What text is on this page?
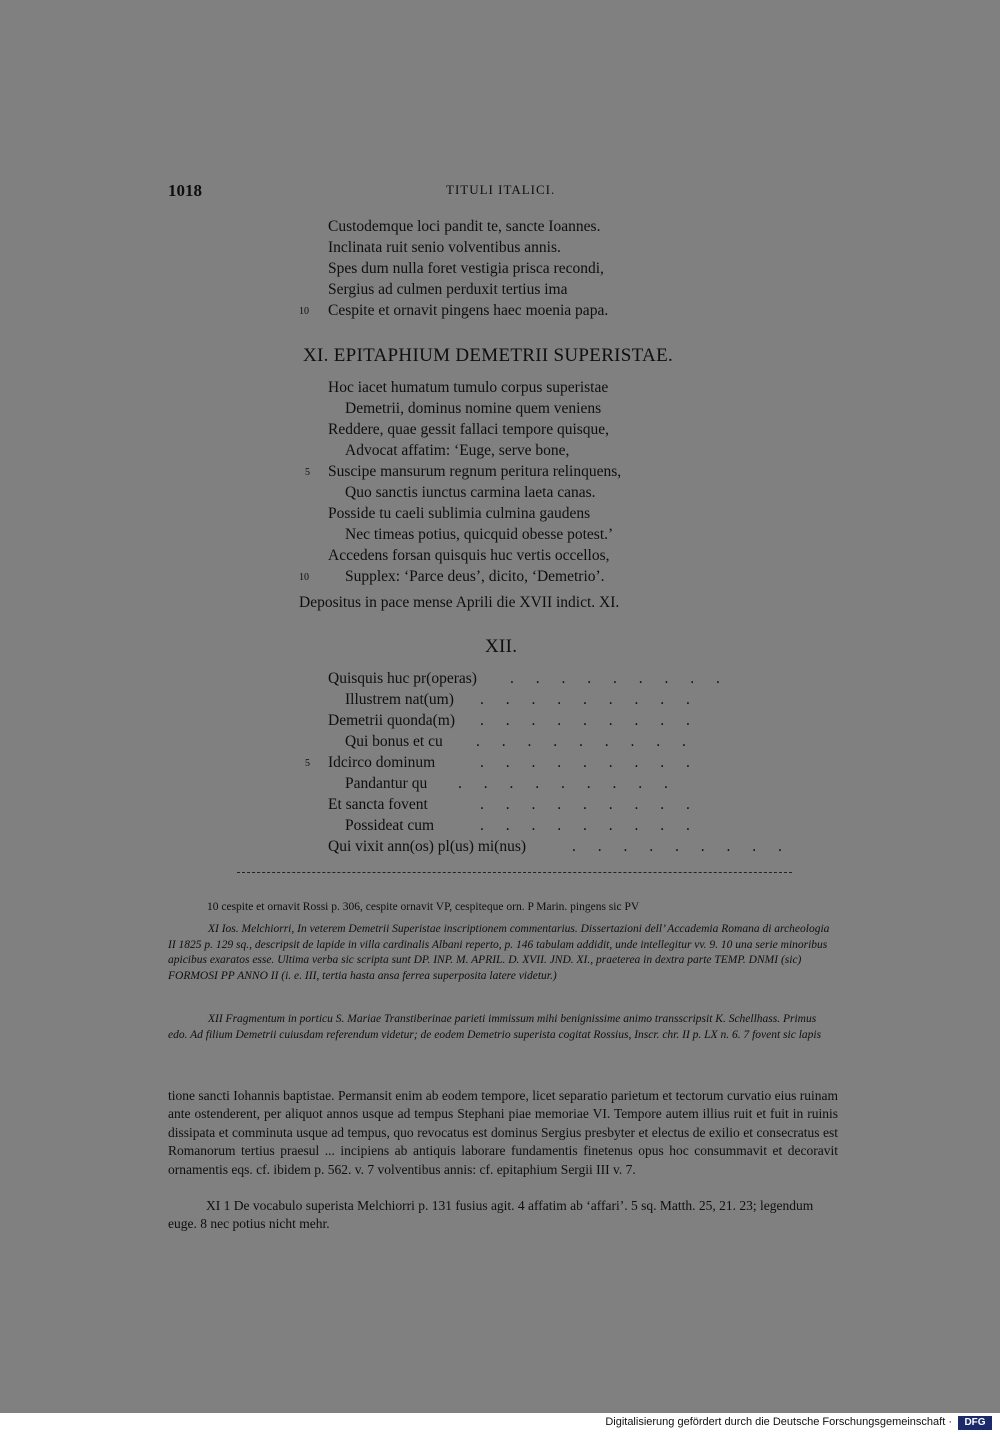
1018	TITULI ITALICI.
Custodemque loci pandit te, sancte Ioannes.
Inclinata ruit senio volventibus annis.
Spes dum nulla foret vestigia prisca recondi,
Sergius ad culmen perduxit tertius ima
10 Cespite et ornavit pingens haec moenia papa.
XI. EPITAPHIUM DEMETRII SUPERISTAE.
Hoc iacet humatum tumulo corpus superistae
Demetrii, dominus nomine quem veniens
Reddere, quae gessit fallaci tempore quisque,
Advocat affatim: ‘Euge, serve bone,
5 Suscipe mansurum regnum peritura relinquens,
Quo sanctis iunctus carmina laeta canas.
Posside tu caeli sublimia culmina gaudens
Nec timeas potius, quicquid obesse potest.’
Accedens forsan quisquis huc vertis occellos,
10 Supplex: ‘Parce deus’, dicito, ‘Demetrio’.
Depositus in pace mense Aprili die XVII indict. XI.
XII.
Quisquis huc pr(operas)
Illustrem nat(um)
Demetrii quonda(m)
Qui bonus et cu
5 Idcirco dominum
Pandantur qu
Et sancta fovent
Possideat cum
Qui vixit ann(os) pl(us) mi(nus)
. . . . . . . . .
. . . . . . . . .
. . . . . . . . .
. . . . . . . . .
. . . . . . . . .
. . . . . . . . .
. . . . . . . . .
. . . . . . . . .
. . . . . . . . .
10 cespite et ornavit Rossi p. 306, cespite ornavit VP, cespiteque orn. P Marin. pingens sic PV
XI Ios. Melchiorri, In veterem Demetrii Superistae inscriptionem commentarius. Dissertazioni dell’ Accademia Romana di archeologia II 1825 p. 129 sq., descripsit de lapide in villa cardinalis Albani reperto, p. 146 tabulam addidit, unde intellegitur vv. 9. 10 una serie minoribus apicibus exaratos esse. Ultima verba sic scripta sunt DP. INP. M. APRIL. D. XVII. JND. XI., praeterea in dextra parte TEMP. DNMI (sic) FORMOSI PP ANNO II (i. e. III, tertia hasta ansa ferrea superposita latere videtur.)
XII Fragmentum in porticu S. Mariae Transtiberinae parieti immissum mihi benignissime animo transscripsit K. Schellhass. Primus edo. Ad filium Demetrii cuiusdam referendum videtur; de eodem Demetrio superista cogitat Rossius, Inscr. chr. II p. LX n. 6. 7 fovent sic lapis
tione sancti Iohannis baptistae. Permansit enim ab eodem tempore, licet separatio parietum et tectorum curvatio eius ruinam ante ostenderent, per aliquot annos usque ad tempus Stephani piae memoriae VI. Tempore autem illius ruit et fuit in ruinis dissipata et comminuta usque ad tempus, quo revocatus est dominus Sergius presbyter et electus de exilio et consecratus est Romanorum tertius praesul ... incipiens ab antiquis laborare fundamentis finetenus opus hoc consummavit et decoravit ornamentis eqs. cf. ibidem p. 562. v. 7 volventibus annis: cf. epitaphium Sergii III v. 7.
XI 1 De vocabulo superista Melchiorri p. 131 fusius agit. 4 affatim ab ‘affari’. 5 sq. Matth. 25, 21. 23; legendum euge. 8 nec potius nicht mehr.
Digitalisierung gefördert durch die Deutsche Forschungsgemeinschaft ·	DFG
